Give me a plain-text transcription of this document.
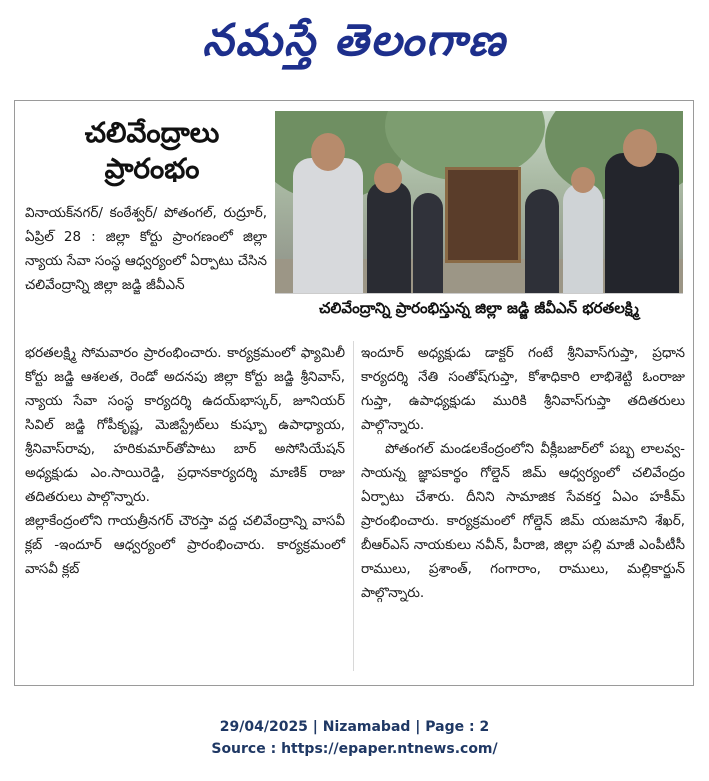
నమస్తే తెలంగాణ
చలివేంద్రాలు
ప్రారంభం
చలివేంద్రాన్ని ప్రారంభిస్తున్న జిల్లా జడ్జి జీవీఎన్ భరతలక్ష్మి

వినాయక్‌నగర్/ కంఠేశ్వర్/ పోతంగల్, రుద్రూర్, ఏప్రిల్ 28 : జిల్లా కోర్టు ప్రాంగణంలో జిల్లా న్యాయ సేవా సంస్థ ఆధ్వర్యంలో ఏర్పాటు చేసిన చలివేంద్రాన్ని జిల్లా జడ్జి జీవీఎన్

భరతలక్ష్మి సోమవారం ప్రారంభించారు. కార్యక్రమంలో ఫ్యామిలీ కోర్టు జడ్జి ఆశలత, రెండో అదనపు జిల్లా కోర్టు జడ్జి శ్రీనివాస్, న్యాయ సేవా సంస్థ కార్యదర్శి ఉదయ్‌భాస్కర్, జూనియర్ సివిల్ జడ్జి గోపీకృష్ణ, మెజిస్ట్రేట్‌లు కుష్బూ ఉపాధ్యాయ, శ్రీనివాస్‌రావు, హరికుమార్‌తోపాటు బార్ అసోసియేషన్ అధ్యక్షుడు ఎం.సాయిరెడ్డి, ప్రధానకార్యదర్శి మాణిక్ రాజు తదితరులు పాల్గొన్నారు.

జిల్లాకేంద్రంలోని గాయత్రీనగర్ చౌరస్తా వద్ద చలివేంద్రాన్ని వాసవీ క్లబ్ -ఇందూర్ ఆధ్వర్యంలో ప్రారంభించారు. కార్యక్రమంలో వాసవీ క్లబ్

ఇందూర్ అధ్యక్షుడు డాక్టర్ గంటే శ్రీనివాస్‌గుప్తా, ప్రధాన కార్యదర్శి నేతి సంతోష్‌గుప్తా, కోశాధికారి లాభిశెట్టి ఓంరాజు గుప్తా, ఉపాధ్యక్షుడు మురికి శ్రీనివాస్‌గుప్తా తదితరులు పాల్గొన్నారు.

పోతంగల్ మండలకేంద్రంలోని వీక్లీబజార్‌లో పబ్బ లాలవ్వ-సాయన్న జ్ఞాపకార్థం గోల్డెన్ జిమ్ ఆధ్వర్యంలో చలివేంద్రం ఏర్పాటు చేశారు. దీనిని సామాజిక సేవకర్త ఏఎం హకీమ్ ప్రారంభించారు. కార్యక్రమంలో గోల్డెన్ జిమ్ యజమాని శేఖర్, బీఆర్ఎస్ నాయకులు నవీన్, పీరాజి, జిల్లా పల్లి మాజీ ఎంపీటీసీ రాములు, ప్రశాంత్, గంగారాం, రాములు, మల్లికార్జున్ పాల్గొన్నారు.

29/04/2025 | Nizamabad | Page : 2
Source : https://epaper.ntnews.com/
